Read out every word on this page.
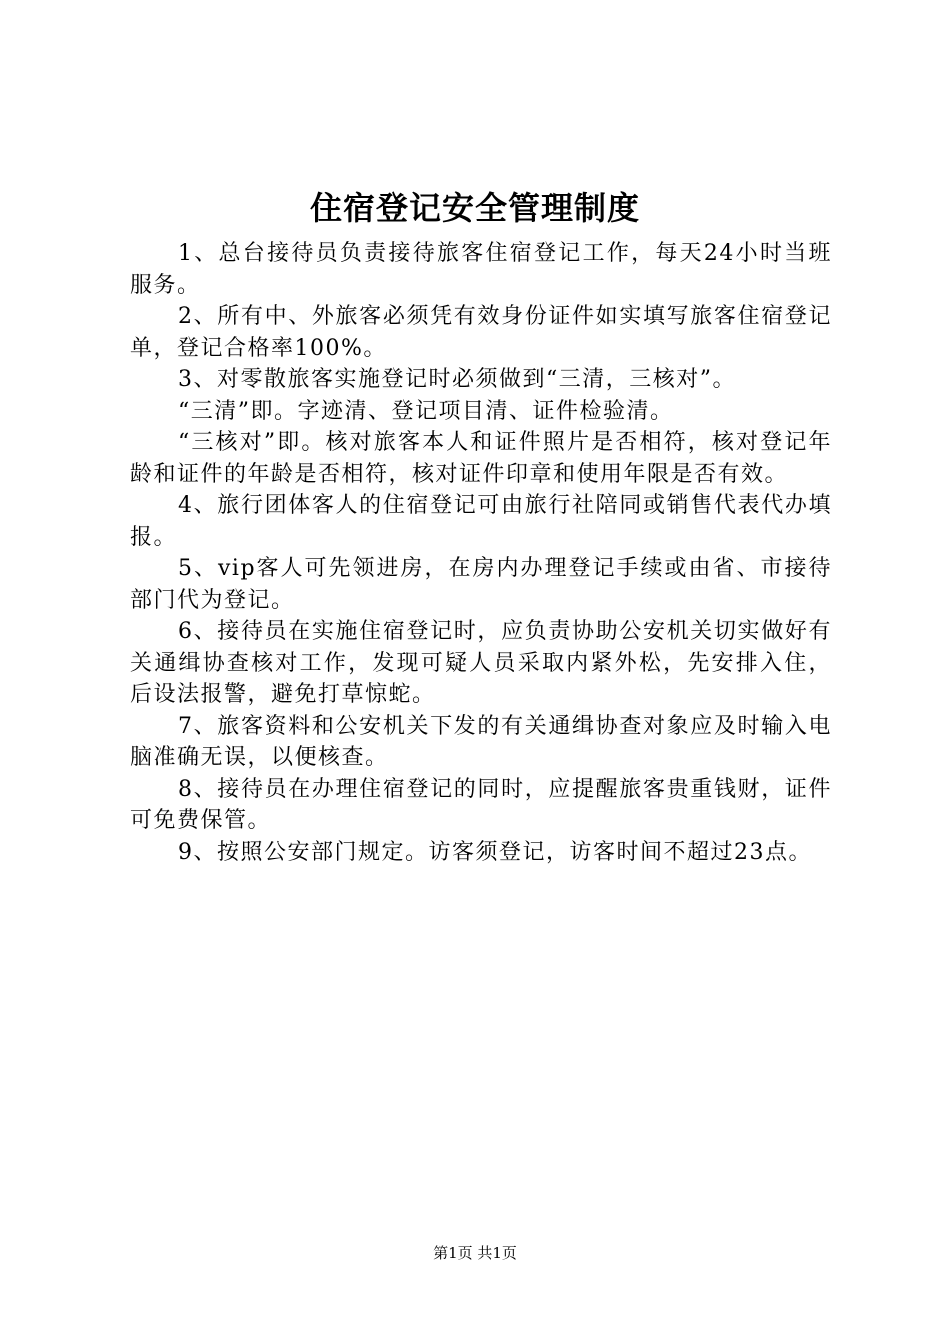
住宿登记安全管理制度

1、总台接待员负责接待旅客住宿登记工作，每天24小时当班服务。

2、所有中、外旅客必须凭有效身份证件如实填写旅客住宿登记单，登记合格率100%。

3、对零散旅客实施登记时必须做到“三清，三核对”。

“三清”即。字迹清、登记项目清、证件检验清。

“三核对”即。核对旅客本人和证件照片是否相符，核对登记年龄和证件的年龄是否相符，核对证件印章和使用年限是否有效。

4、旅行团体客人的住宿登记可由旅行社陪同或销售代表代办填报。

5、vip客人可先领进房，在房内办理登记手续或由省、市接待部门代为登记。

6、接待员在实施住宿登记时，应负责协助公安机关切实做好有关通缉协查核对工作，发现可疑人员采取内紧外松，先安排入住，后设法报警，避免打草惊蛇。

7、旅客资料和公安机关下发的有关通缉协查对象应及时输入电脑准确无误，以便核查。

8、接待员在办理住宿登记的同时，应提醒旅客贵重钱财，证件可免费保管。

9、按照公安部门规定。访客须登记，访客时间不超过23点。

第1页 共1页
